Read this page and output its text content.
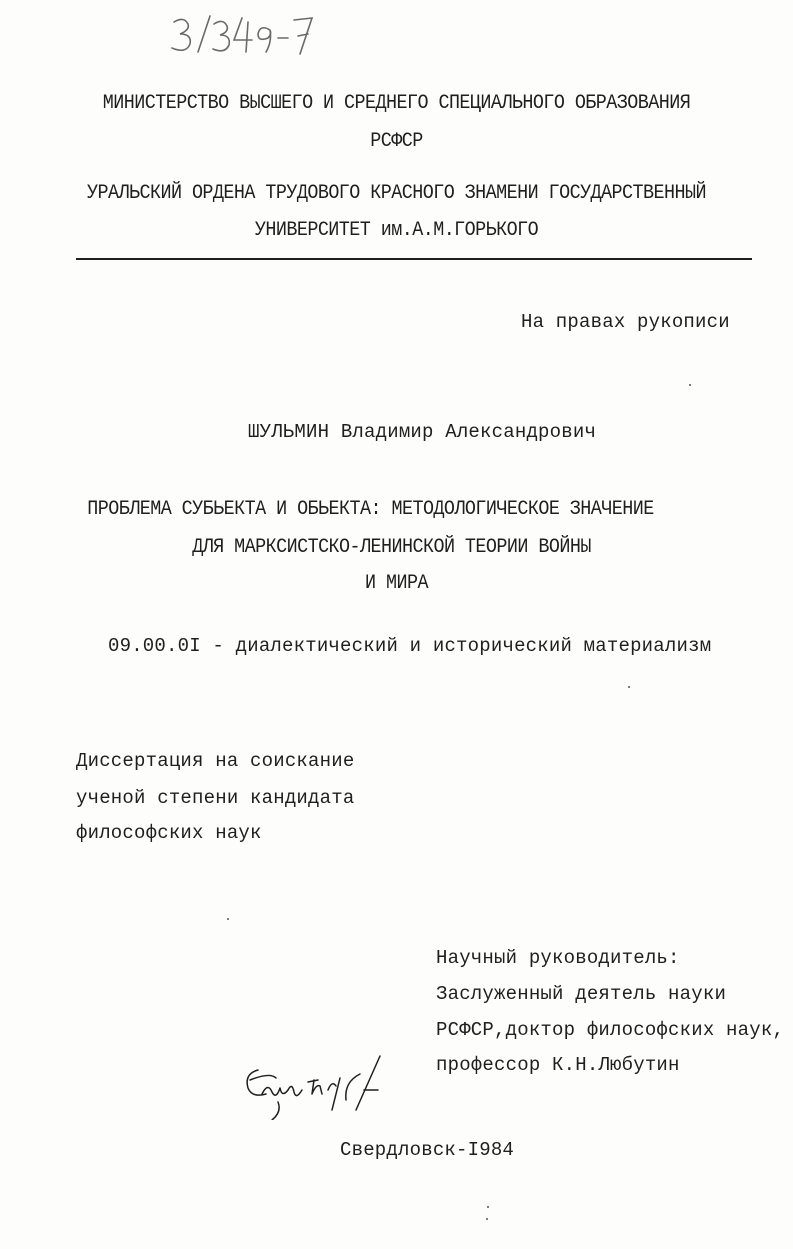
МИНИСТЕРСТВО ВЫСШЕГО И СРЕДНЕГО СПЕЦИАЛЬНОГО ОБРАЗОВАНИЯ
РСФСР
УРАЛЬСКИЙ ОРДЕНА ТРУДОВОГО КРАСНОГО ЗНАМЕНИ ГОСУДАРСТВЕННЫЙ
УНИВЕРСИТЕТ им.А.М.ГОРЬКОГО
На правах рукописи
ШУЛЬМИН Владимир Александрович
ПРОБЛЕМА СУБЬЕКТА И ОБЬЕКТА: МЕТОДОЛОГИЧЕСКОЕ ЗНАЧЕНИЕ
ДЛЯ МАРКСИСТСКО-ЛЕНИНСКОЙ ТЕОРИИ ВОЙНЫ
И МИРА
09.00.0I - диалектический и исторический материализм
Диссертация на соискание
ученой степени кандидата
философских наук
Научный руководитель:
Заслуженный деятель науки
РСФСР,доктор философских наук,
профессор К.Н.Любутин
Свердловск-I984
